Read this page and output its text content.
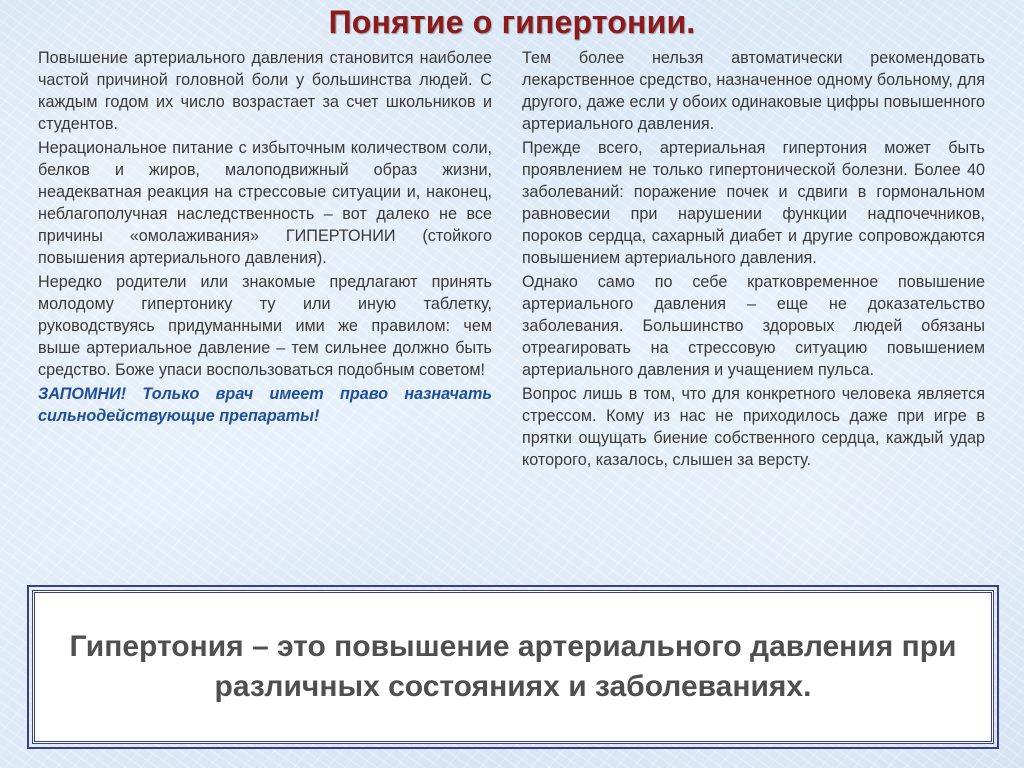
Понятие о гипертонии.

Повышение артериального давления становится наиболее частой причиной головной боли у большинства людей. С каждым годом их число возрастает за счет школьников и студентов.

Нерациональное питание с избыточным количеством соли, белков и жиров, малоподвижный образ жизни, неадекватная реакция на стрессовые ситуации и, наконец, неблагополучная наследственность – вот далеко не все причины «омолаживания» ГИПЕРТОНИИ (стойкого повышения артериального давления).

Нередко родители или знакомые предлагают принять молодому гипертонику ту или иную таблетку, руководствуясь придуманными ими же правилом: чем выше артериальное давление – тем сильнее должно быть средство. Боже упаси воспользоваться подобным советом!

ЗАПОМНИ! Только врач имеет право назначать сильнодействующие препараты!

Тем более нельзя автоматически рекомендовать лекарственное средство, назначенное одному больному, для другого, даже если у обоих одинаковые цифры повышенного артериального давления.

Прежде всего, артериальная гипертония может быть проявлением не только гипертонической болезни. Более 40 заболеваний: поражение почек и сдвиги в гормональном равновесии при нарушении функции надпочечников, пороков сердца, сахарный диабет и другие сопровождаются повышением артериального давления.

Однако само по себе кратковременное повышение артериального давления – еще не доказательство заболевания. Большинство здоровых людей обязаны отреагировать на стрессовую ситуацию повышением артериального давления и учащением пульса.

Вопрос лишь в том, что для конкретного человека является стрессом. Кому из нас не приходилось даже при игре в прятки ощущать биение собственного сердца, каждый удар которого, казалось, слышен за версту.

Гипертония – это повышение артериального давления при различных состояниях и заболеваниях.
